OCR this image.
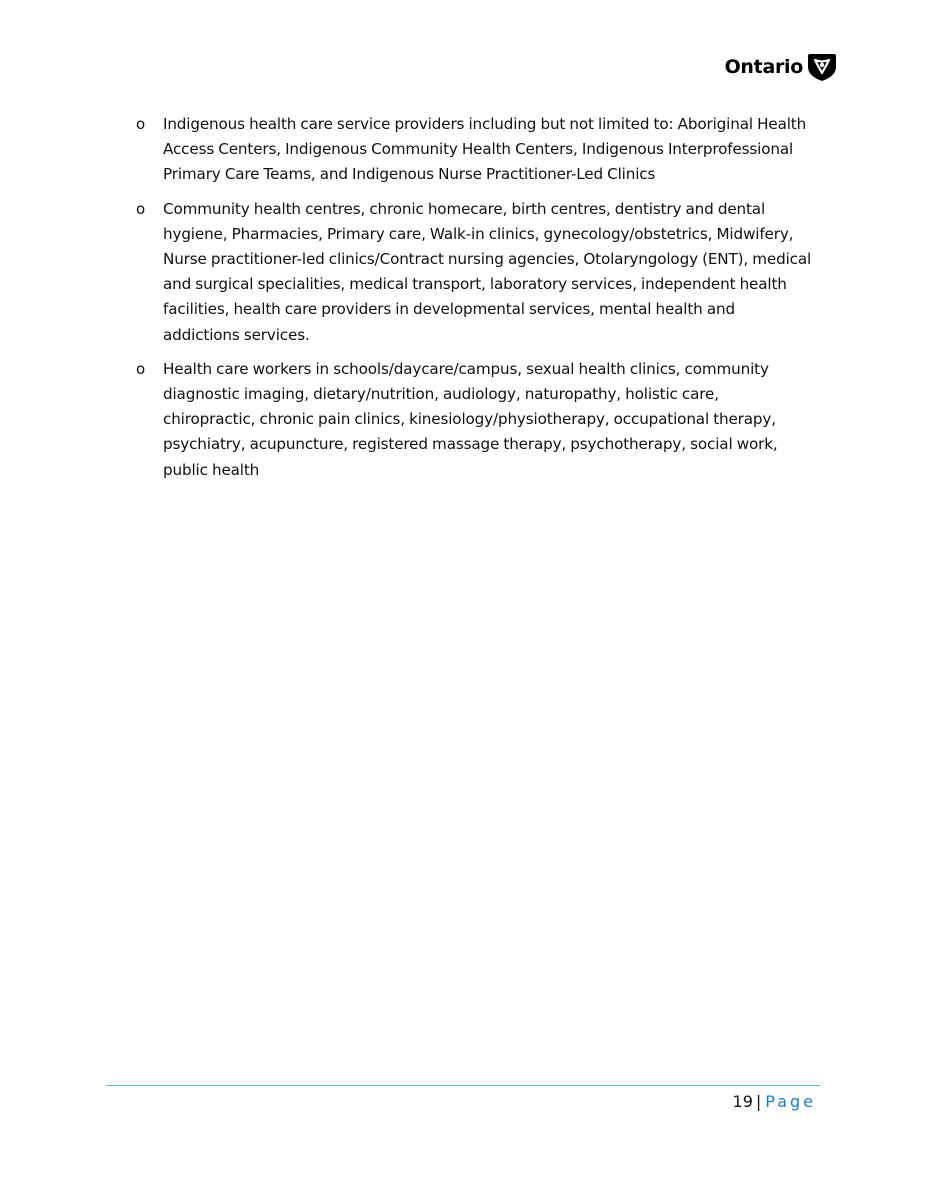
Ontario
o Indigenous health care service providers including but not limited to: Aboriginal Health Access Centers, Indigenous Community Health Centers, Indigenous Interprofessional Primary Care Teams, and Indigenous Nurse Practitioner-Led Clinics
o Community health centres, chronic homecare, birth centres, dentistry and dental hygiene, Pharmacies, Primary care, Walk-in clinics, gynecology/obstetrics, Midwifery, Nurse practitioner-led clinics/Contract nursing agencies, Otolaryngology (ENT), medical and surgical specialities, medical transport, laboratory services, independent health facilities, health care providers in developmental services, mental health and addictions services.
o Health care workers in schools/daycare/campus, sexual health clinics, community diagnostic imaging, dietary/nutrition, audiology, naturopathy, holistic care, chiropractic, chronic pain clinics, kinesiology/physiotherapy, occupational therapy, psychiatry, acupuncture, registered massage therapy, psychotherapy, social work, public health
19 | Page
